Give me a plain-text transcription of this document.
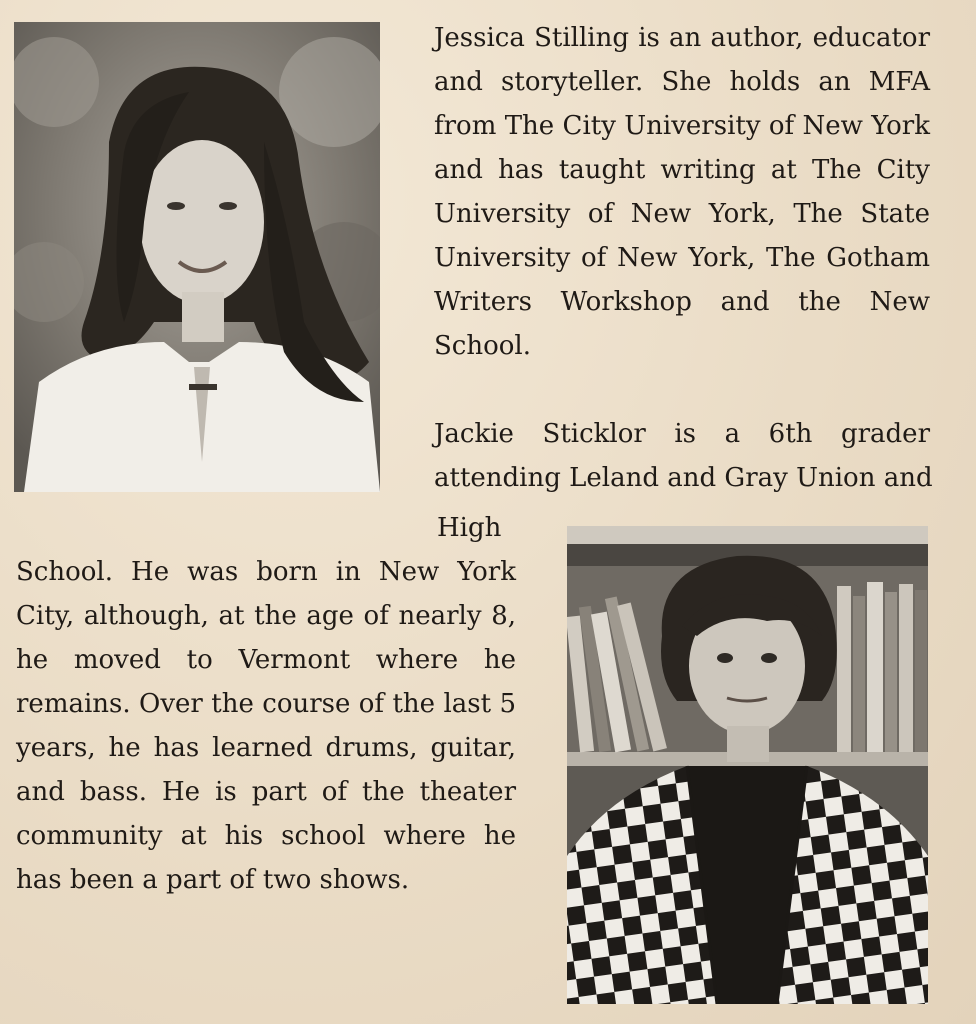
Jessica Stilling is an author, educator
and storyteller. She holds an MFA
from The City University of New York
and has taught writing at The City
University of New York, The State
University of New York, The Gotham
Writers Workshop and the New
School.
Jackie Sticklor is a 6th grader
attending Leland and Gray Union and
High
School. He was born in New York
City, although, at the age of nearly 8,
he moved to Vermont where he
remains. Over the course of the last 5
years, he has learned drums, guitar,
and bass. He is part of the theater
community at his school where he
has been a part of two shows.
